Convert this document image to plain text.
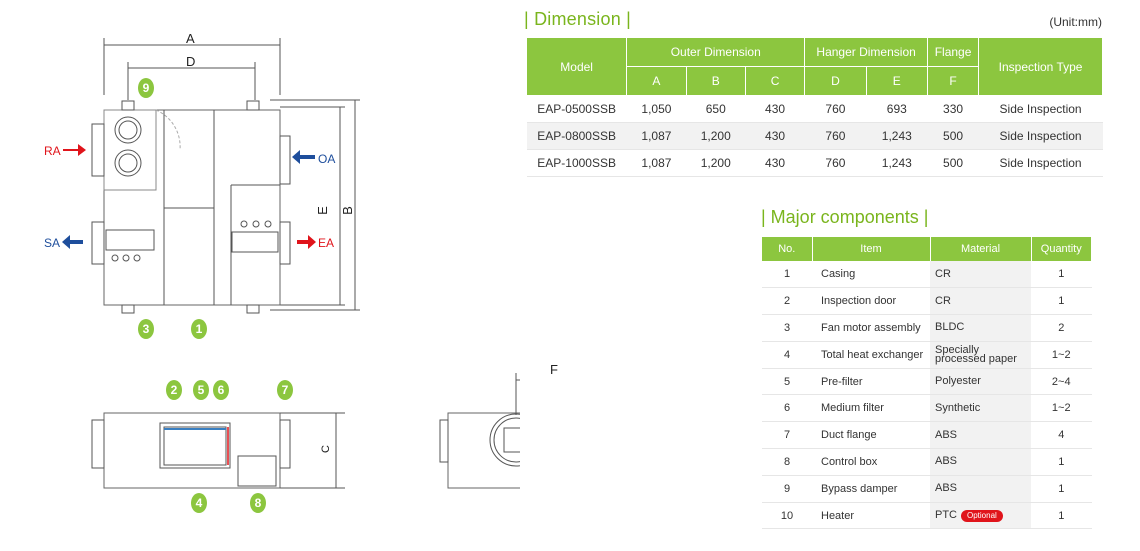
A
D
B
E
C
F
RA
OA
SA	EA
9
3	1
2	5	6	7
4	8
| Dimension |	(Unit:mm)
Model	Outer Dimension			Hanger Dimension		Flange	Inspection Type
	A	B	C	D	E	F	
EAP-0500SSB	1,050	650	430	760	693	330	Side Inspection
EAP-0800SSB	1,087	1,200	430	760	1,243	500	Side Inspection
EAP-1000SSB	1,087	1,200	430	760	1,243	500	Side Inspection
| Major components |
No.	Item	Material	Quantity
1	Casing	CR	1
2	Inspection door	CR	1
3	Fan motor assembly	BLDC	2
4	Total heat exchanger	Specially processed paper	1~2
5	Pre-filter	Polyester	2~4
6	Medium filter	Synthetic	1~2
7	Duct flange	ABS	4
8	Control box	ABS	1
9	Bypass damper	ABS	1
10	Heater	PTC Optional	1
